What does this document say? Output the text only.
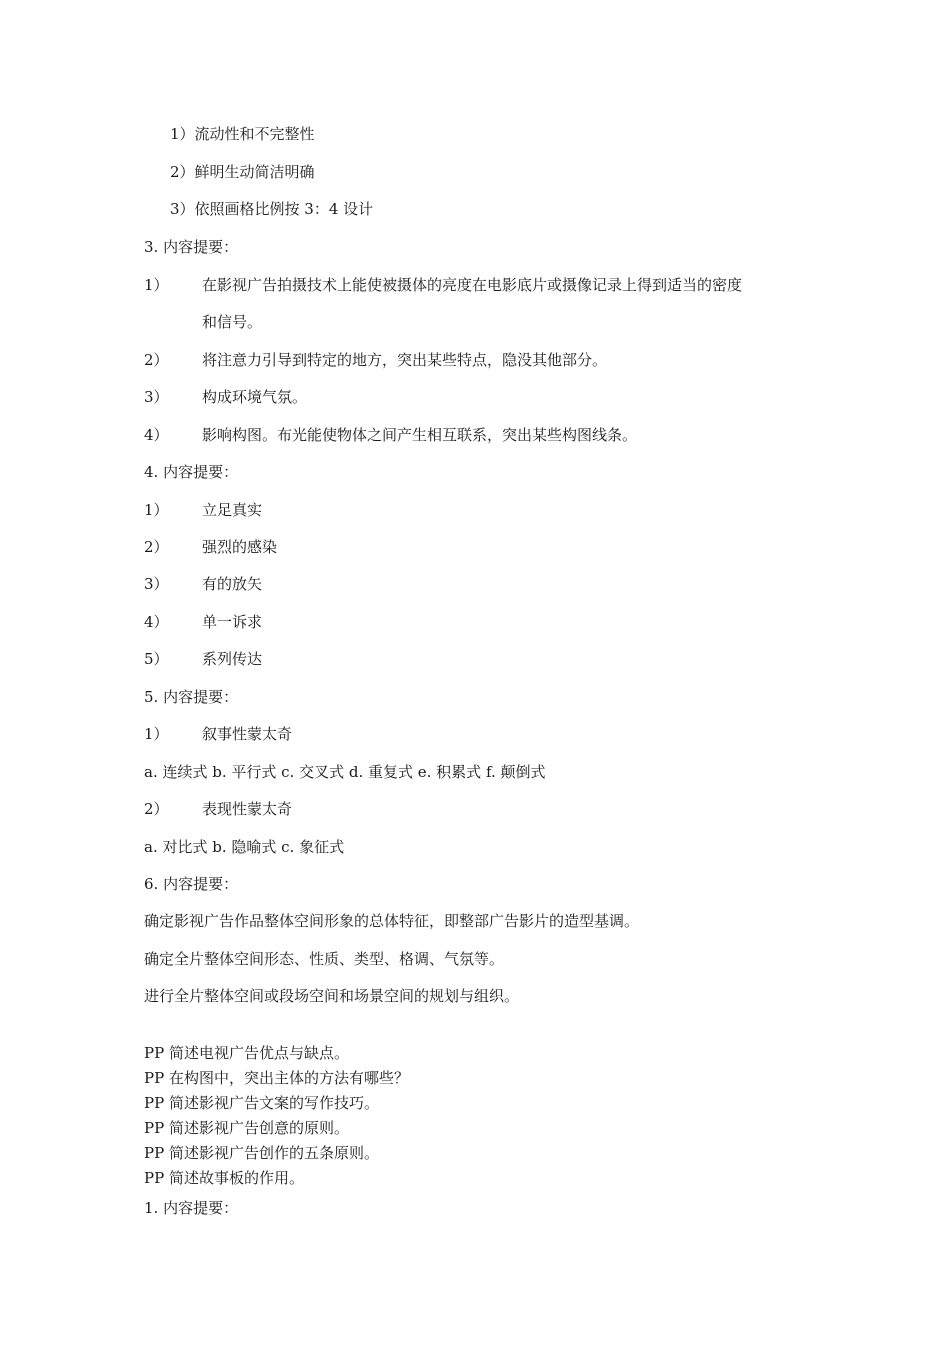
1）流动性和不完整性
2）鲜明生动简洁明确
3）依照画格比例按 3：4 设计
3. 内容提要：
1） 在影视广告拍摄技术上能使被摄体的亮度在电影底片或摄像记录上得到适当的密度
和信号。
2） 将注意力引导到特定的地方，突出某些特点，隐没其他部分。
3） 构成环境气氛。
4） 影响构图。布光能使物体之间产生相互联系，突出某些构图线条。
4. 内容提要：
1） 立足真实
2） 强烈的感染
3） 有的放矢
4） 单一诉求
5） 系列传达
5. 内容提要：
1） 叙事性蒙太奇
a. 连续式 b. 平行式 c. 交叉式 d. 重复式 e. 积累式 f. 颠倒式
2） 表现性蒙太奇
a. 对比式 b. 隐喻式 c. 象征式
6. 内容提要：
确定影视广告作品整体空间形象的总体特征，即整部广告影片的造型基调。
确定全片整体空间形态、性质、类型、格调、气氛等。
进行全片整体空间或段场空间和场景空间的规划与组织。
PP 简述电视广告优点与缺点。
PP 在构图中，突出主体的方法有哪些？
PP 简述影视广告文案的写作技巧。
PP 简述影视广告创意的原则。
PP 简述影视广告创作的五条原则。
PP 简述故事板的作用。
1. 内容提要：
